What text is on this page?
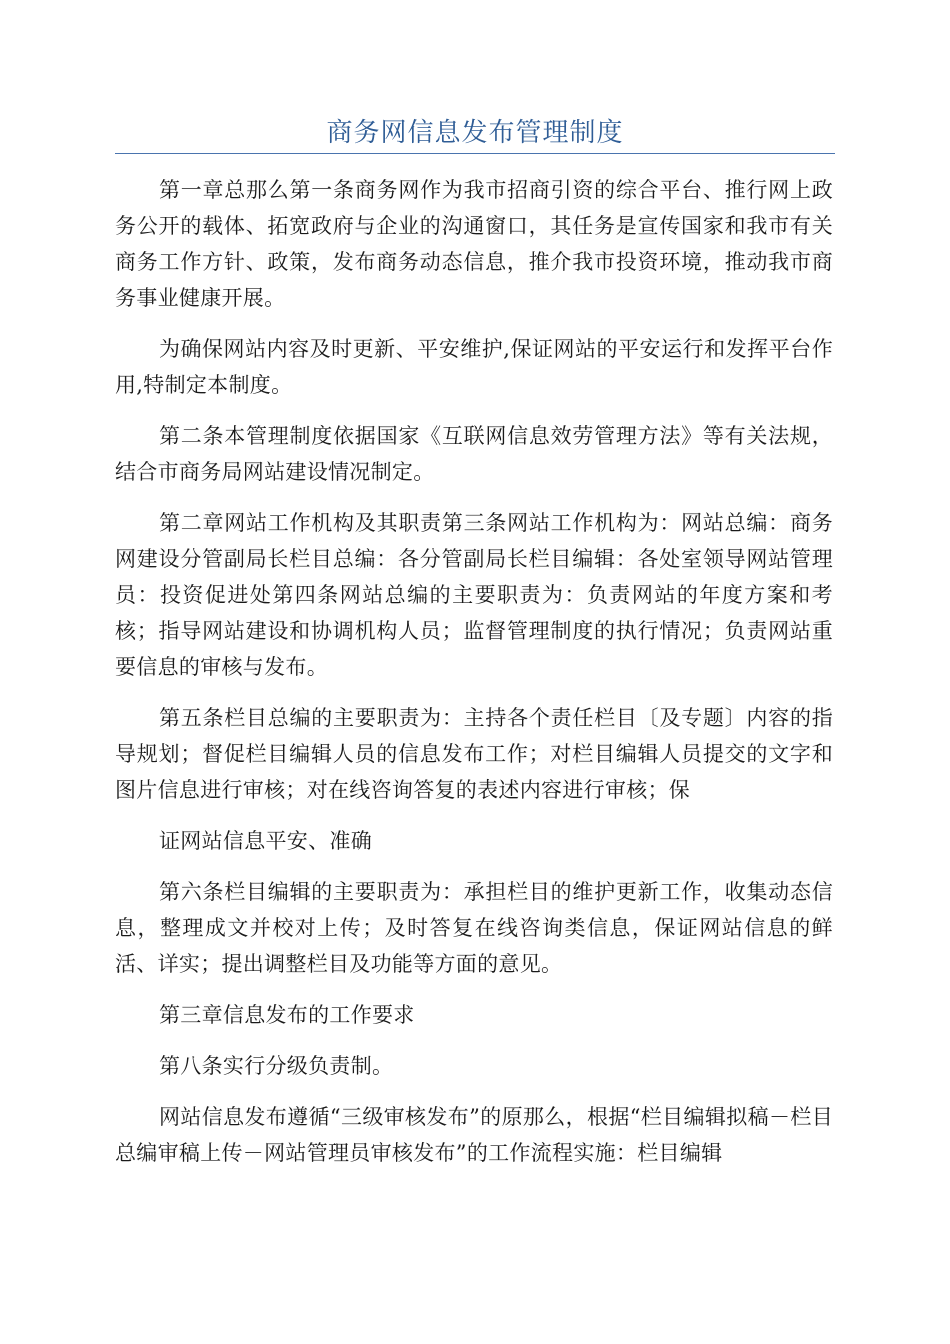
商务网信息发布管理制度

第一章总那么第一条商务网作为我市招商引资的综合平台、推行网上政务公开的载体、拓宽政府与企业的沟通窗口，其任务是宣传国家和我市有关商务工作方针、政策，发布商务动态信息，推介我市投资环境，推动我市商务事业健康开展。

为确保网站内容及时更新、平安维护,保证网站的平安运行和发挥平台作用,特制定本制度。

第二条本管理制度依据国家《互联网信息效劳管理方法》等有关法规，结合市商务局网站建设情况制定。

第二章网站工作机构及其职责第三条网站工作机构为：网站总编：商务网建设分管副局长栏目总编：各分管副局长栏目编辑：各处室领导网站管理员：投资促进处第四条网站总编的主要职责为：负责网站的年度方案和考核；指导网站建设和协调机构人员；监督管理制度的执行情况；负责网站重要信息的审核与发布。

第五条栏目总编的主要职责为：主持各个责任栏目〔及专题〕内容的指导规划；督促栏目编辑人员的信息发布工作；对栏目编辑人员提交的文字和图片信息进行审核；对在线咨询答复的表述内容进行审核；保

证网站信息平安、准确

第六条栏目编辑的主要职责为：承担栏目的维护更新工作，收集动态信息，整理成文并校对上传；及时答复在线咨询类信息，保证网站信息的鲜活、详实；提出调整栏目及功能等方面的意见。

第三章信息发布的工作要求

第八条实行分级负责制。

网站信息发布遵循“三级审核发布”的原那么，根据“栏目编辑拟稿－栏目总编审稿上传－网站管理员审核发布”的工作流程实施：栏目编辑
